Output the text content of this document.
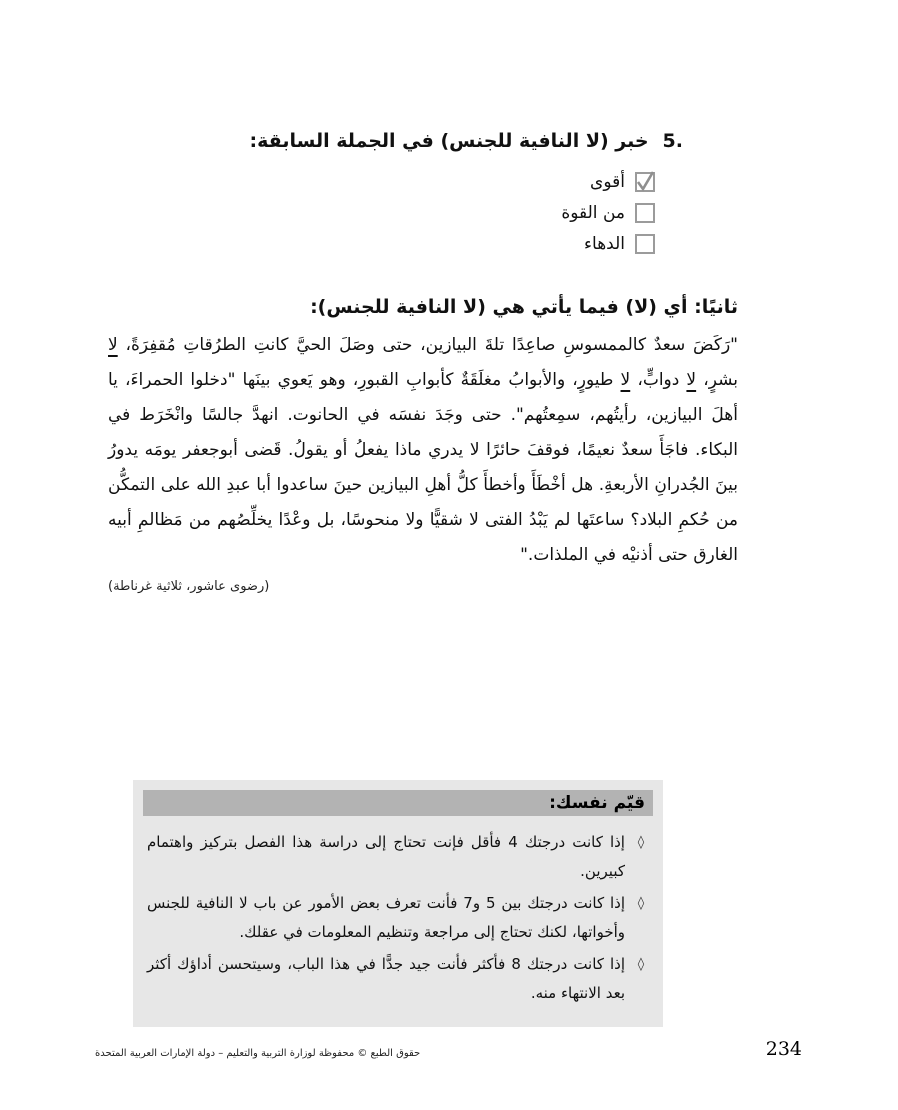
5.
خبر (لا النافية للجنس) في الجملة السابقة:
أقوى
من القوة
الدهاء
ثانيًا: أي (لا) فيما يأتي هي (لا النافية للجنس):

"رَكَضَ سعدٌ كالممسوسِ صاعِدًا تلةَ البيازين، حتى وصَلَ الحيَّ كانتِ الطرُقاتِ مُقفِرَةً، لا بشرٍ، لا دوابٍّ، لا طيورٍ، والأبوابُ مغلَقَةٌ كأبوابِ القبورِ، وهو يَعوي بينَها "دخلوا الحمراءَ، يا أهلَ البيازين، رأيتُهم، سمِعتُهم". حتى وجَدَ نفسَه في الحانوت. انهدَّ جالسًا وانْخَرَط في البكاء. فاجَأَ سعدٌ نعيمًا، فوقفَ حائرًا لا يدري ماذا يفعلُ أو يقولُ. قَضى أبوجعفر يومَه يدورُ بينَ الجُدرانِ الأربعةِ. هل أخْطَأَ وأخطأَ كلُّ أهلِ البيازين حينَ ساعدوا أبا عبدِ الله على التمكُّن من حُكمِ البلاد؟ ساعتَها لم يَبْدُ الفتى لا شقيًّا ولا منحوسًا، بل وعْدًا يخلِّصُهم من مَظالمِ أبيه الغارق حتى أذنيْه في الملذات."

(رضوى عاشور، ثلاثية غرناطة)
قيّم نفسك:
◊
إذا كانت درجتك 4 فأقل فإنت تحتاج إلى دراسة هذا الفصل بتركيز واهتمام كبيرين.
◊
إذا كانت درجتك بين 5 و7 فأنت تعرف بعض الأمور عن باب لا النافية للجنس وأخواتها، لكنك تحتاج إلى مراجعة وتنظيم المعلومات في عقلك.
◊
إذا كانت درجتك 8 فأكثر فأنت جيد جدًّا في هذا الباب، وسيتحسن أداؤك أكثر بعد الانتهاء منه.
حقوق الطبع © محفوظة لوزارة التربية والتعليم – دولة الإمارات العربية المتحدة	234
